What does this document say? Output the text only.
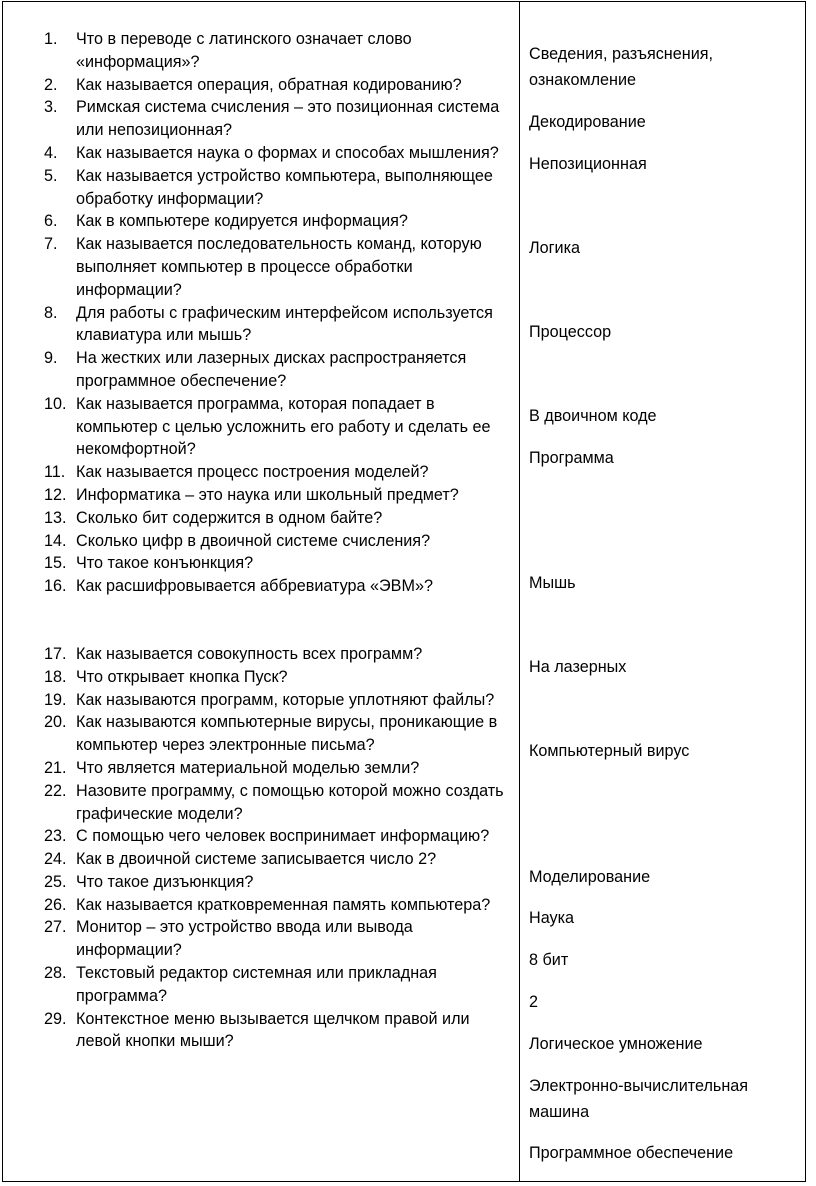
1. Что в переводе с латинского означает слово «информация»?
2. Как называется операция, обратная кодированию?
3. Римская система счисления – это позиционная система или непозиционная?
4. Как называется наука о формах и способах мышления?
5. Как называется устройство компьютера, выполняющее обработку информации?
6. Как в компьютере кодируется информация?
7. Как называется последовательность команд, которую выполняет компьютер в процессе обработки информации?
8. Для работы с графическим интерфейсом используется клавиатура или мышь?
9. На жестких или лазерных дисках распространяется программное обеспечение?
10. Как называется программа, которая попадает в компьютер с целью усложнить его работу и сделать ее некомфортной?
11. Как называется процесс построения моделей?
12. Информатика – это наука или школьный предмет?
13. Сколько бит содержится в одном байте?
14. Сколько цифр в двоичной системе счисления?
15. Что такое конъюнкция?
16. Как расшифровывается аббревиатура «ЭВМ»?
17. Как называется совокупность всех программ?
18. Что открывает кнопка Пуск?
19. Как называются программ, которые уплотняют файлы?
20. Как называются компьютерные вирусы, проникающие в компьютер через электронные письма?
21. Что является материальной моделью земли?
22. Назовите программу, с помощью которой можно создать графические модели?
23. С помощью чего человек воспринимает информацию?
24. Как в двоичной системе записывается число 2?
25. Что такое дизъюнкция?
26. Как называется кратковременная память компьютера?
27. Монитор – это устройство ввода или вывода информации?
28. Текстовый редактор системная или прикладная программа?
29. Контекстное меню вызывается щелчком правой или левой кнопки мыши?
Сведения, разъяснения,
ознакомление
Декодирование
Непозиционная
Логика
Процессор
В двоичном коде
Программа
Мышь
На лазерных
Компьютерный вирус
Моделирование
Наука
8 бит
2
Логическое умножение
Электронно-вычислительная
машина
Программное обеспечение
